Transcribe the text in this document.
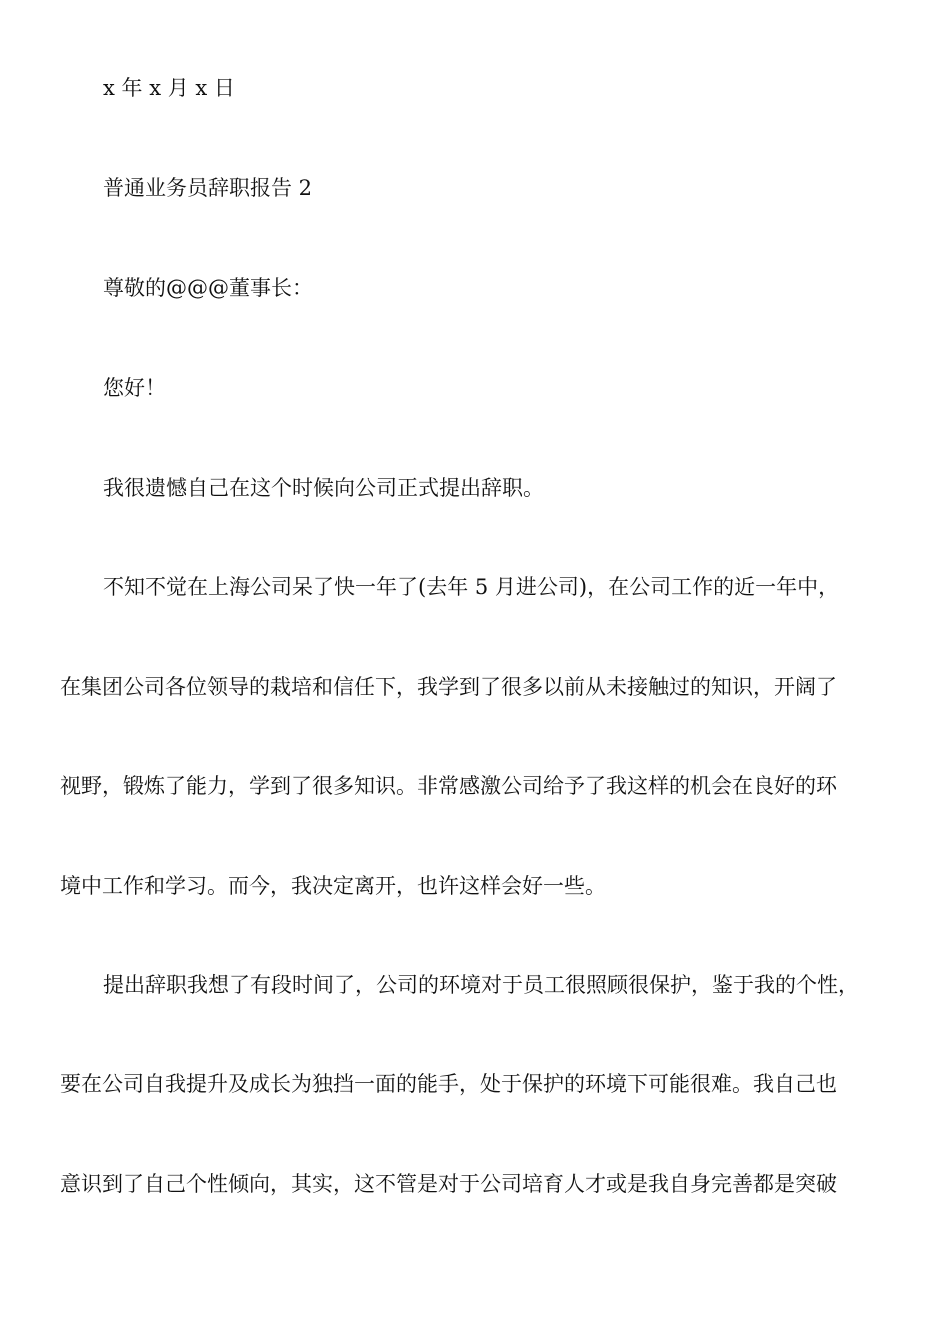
x 年 x 月 x 日
普通业务员辞职报告 2
尊敬的@@@董事长：
您好！
我很遗憾自己在这个时候向公司正式提出辞职。
不知不觉在上海公司呆了快一年了(去年 5 月进公司)，在公司工作的近一年中，
在集团公司各位领导的栽培和信任下，我学到了很多以前从未接触过的知识，开阔了
视野，锻炼了能力，学到了很多知识。非常感激公司给予了我这样的机会在良好的环
境中工作和学习。而今，我决定离开，也许这样会好一些。
提出辞职我想了有段时间了，公司的环境对于员工很照顾很保护，鉴于我的个性，
要在公司自我提升及成长为独挡一面的能手，处于保护的环境下可能很难。我自己也
意识到了自己个性倾向，其实，这不管是对于公司培育人才或是我自身完善都是突破
